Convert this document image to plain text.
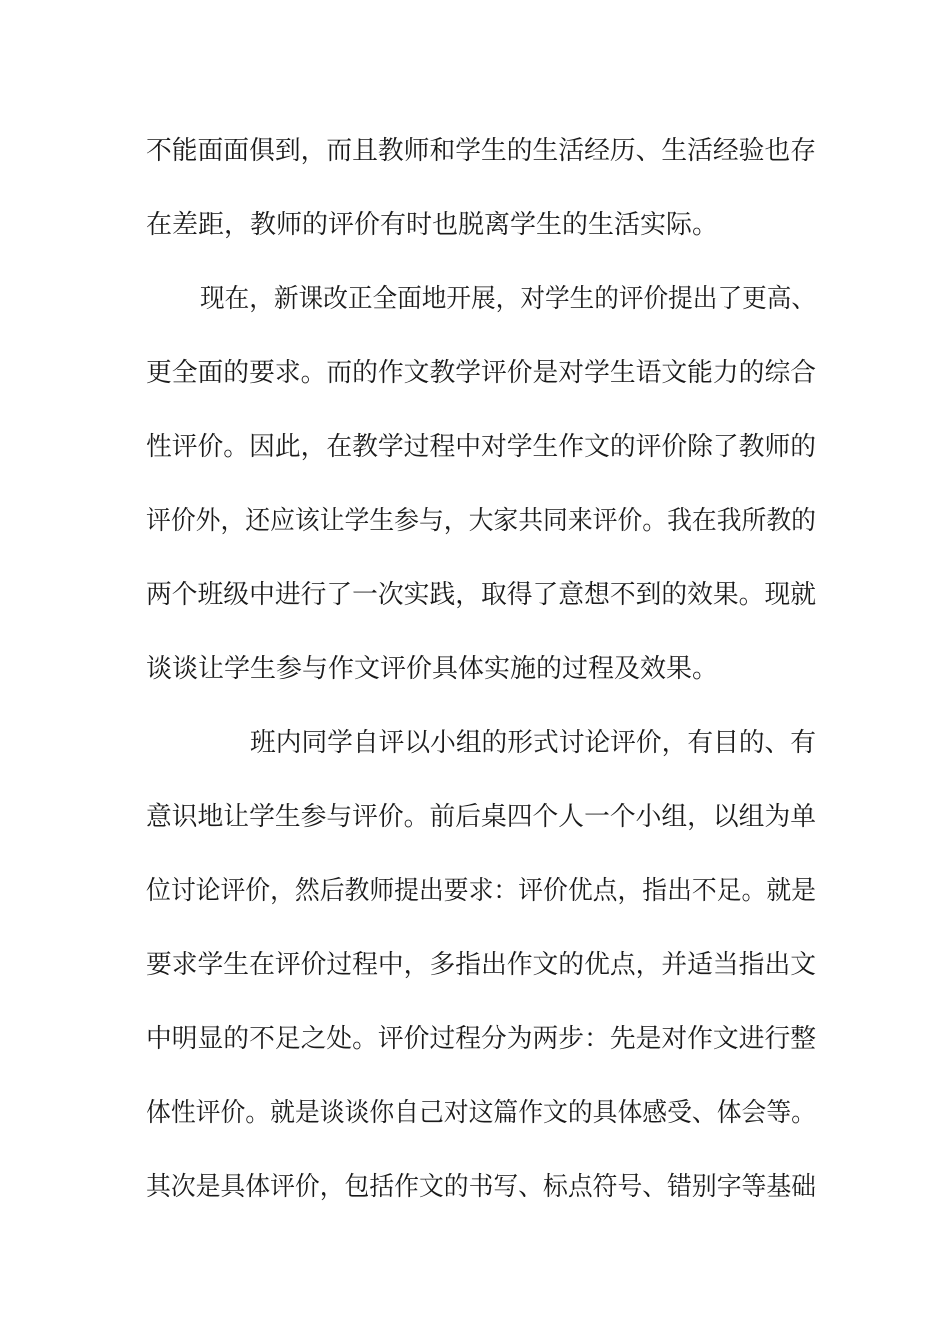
不能面面俱到，而且教师和学生的生活经历、生活经验也存
在差距，教师的评价有时也脱离学生的生活实际。
现在，新课改正全面地开展，对学生的评价提出了更高、
更全面的要求。而的作文教学评价是对学生语文能力的综合
性评价。因此，在教学过程中对学生作文的评价除了教师的
评价外，还应该让学生参与，大家共同来评价。我在我所教的
两个班级中进行了一次实践，取得了意想不到的效果。现就
谈谈让学生参与作文评价具体实施的过程及效果。
班内同学自评以小组的形式讨论评价，有目的、有
意识地让学生参与评价。前后桌四个人一个小组，以组为单
位讨论评价，然后教师提出要求：评价优点，指出不足。就是
要求学生在评价过程中，多指出作文的优点，并适当指出文
中明显的不足之处。评价过程分为两步：先是对作文进行整
体性评价。就是谈谈你自己对这篇作文的具体感受、体会等。
其次是具体评价，包括作文的书写、标点符号、错别字等基础
